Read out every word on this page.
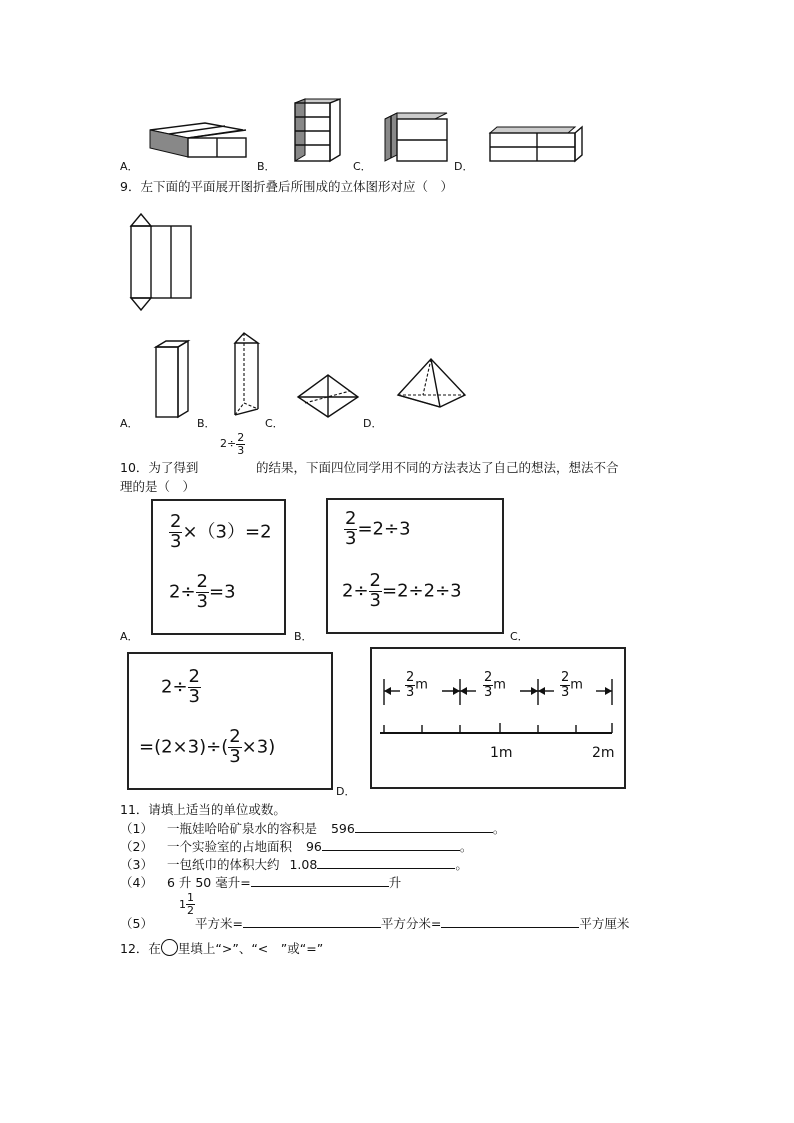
A．	B．	C．	D．
9．左下面的平面展开图折叠后所围成的立体图形对应（　）
A．	B．	C．	D．
$2\div \frac{2}{3}$
10．为了得到	的结果，下面四位同学用不同的方法表达了自己的想法，想法不合
理的是（　）
$\frac{2}{3} \times(3)=2$
$2\div \frac{2}{3} =3$
A．
$\frac{2}{3} =2\div 3$
$2\div \frac{2}{3} =2\div 2\div 3$
B．	C．
$2\div \frac{2}{3}$
$=(2\times 3)\div( \frac{2}{3} \times 3)$
$\frac{2}{3}$ m	$\frac{2}{3}$ m	$\frac{2}{3}$ m
1m	2m
D．
11．请填上适当的单位或数。
（1） 一瓶娃哈哈矿泉水的容积是 596	。
（2） 一个实验室的占地面积 96	。
（3） 一包纸巾的体积大约 1.08	。
（4） 6 升 50 毫升=	升
（5） $1 \frac{1}{2}$
平方米=	平方分米=	平方厘米
12．在 里填上“>”、“<　”或“=”
